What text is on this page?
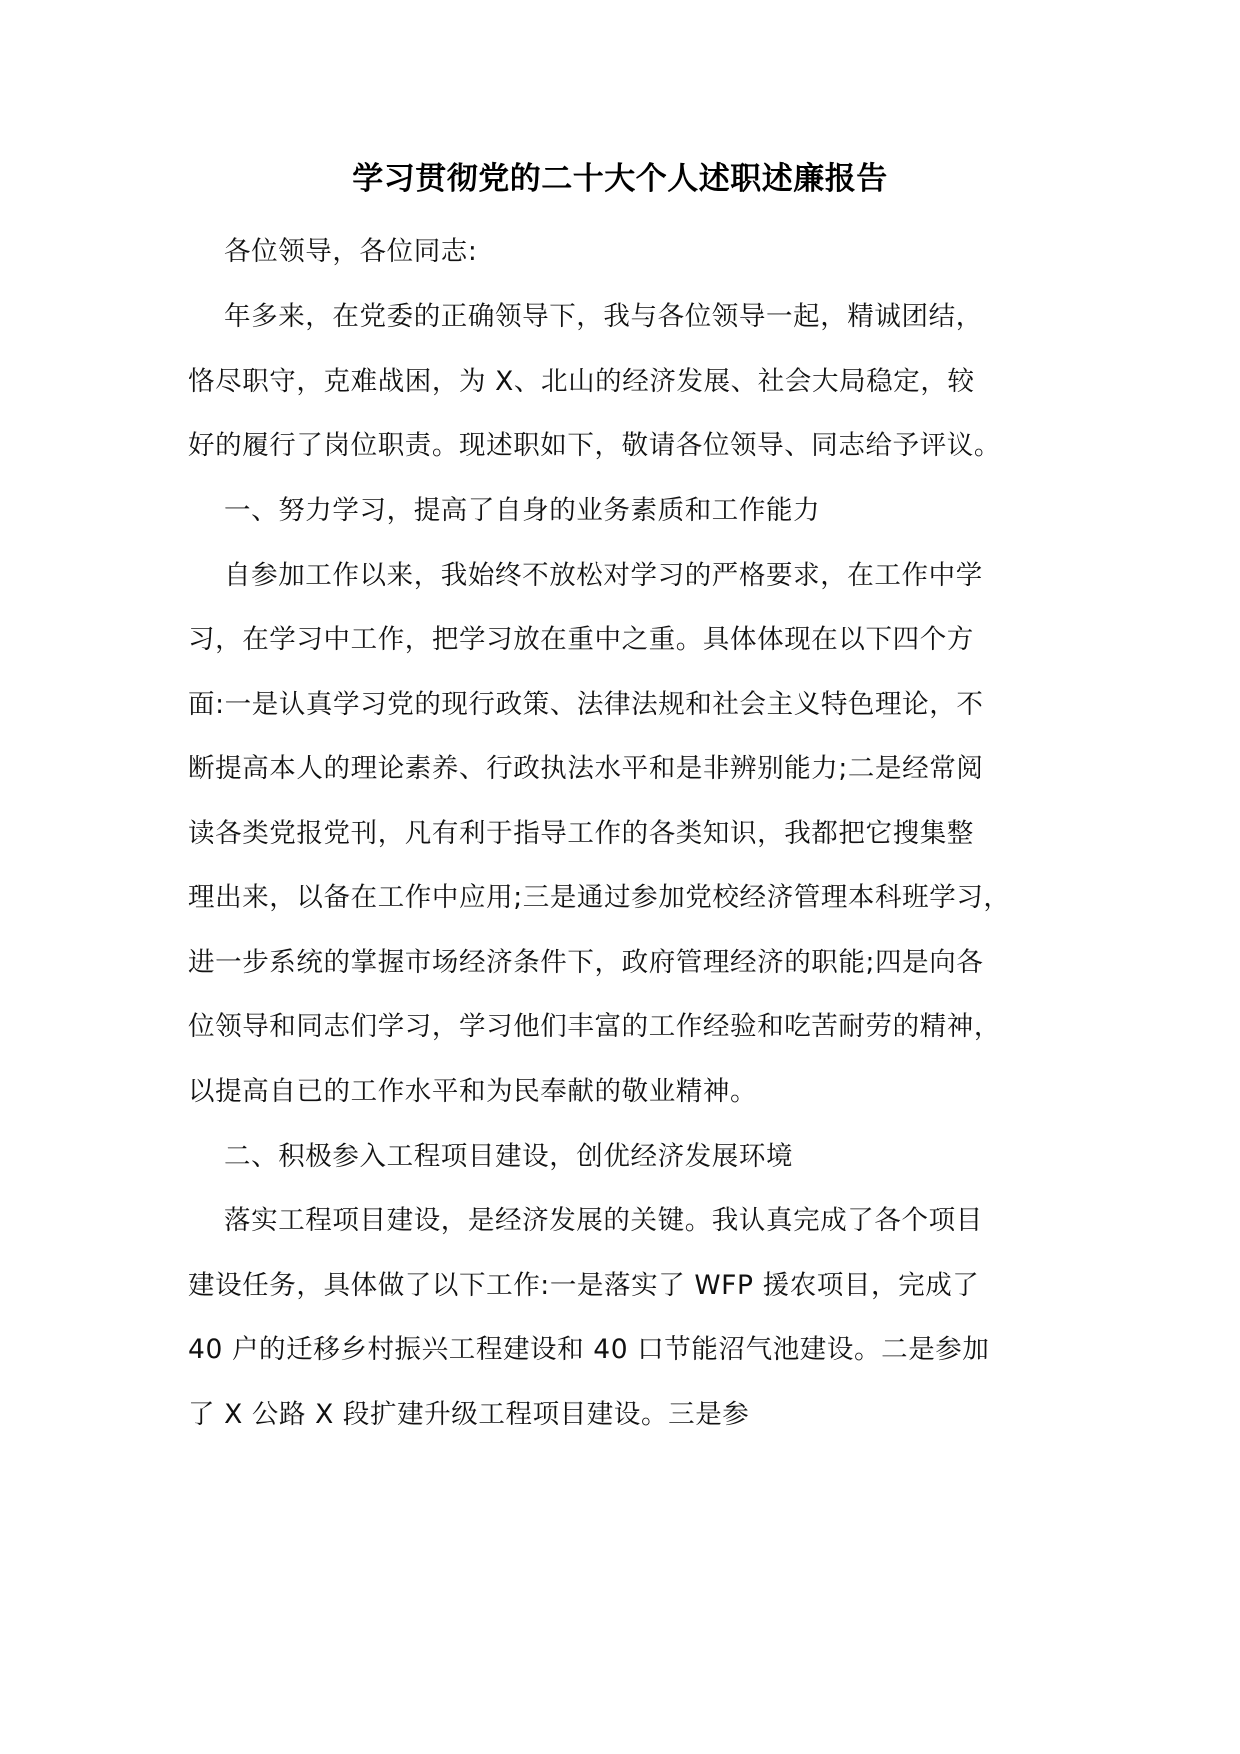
学习贯彻党的二十大个人述职述廉报告
各位领导，各位同志:
年多来，在党委的正确领导下，我与各位领导一起，精诚团结，
恪尽职守，克难战困，为 X、北山的经济发展、社会大局稳定，较
好的履行了岗位职责。现述职如下，敬请各位领导、同志给予评议。
一、努力学习，提高了自身的业务素质和工作能力
自参加工作以来，我始终不放松对学习的严格要求，在工作中学
习，在学习中工作，把学习放在重中之重。具体体现在以下四个方
面:一是认真学习党的现行政策、法律法规和社会主义特色理论，不
断提高本人的理论素养、行政执法水平和是非辨别能力;二是经常阅
读各类党报党刊，凡有利于指导工作的各类知识，我都把它搜集整
理出来，以备在工作中应用;三是通过参加党校经济管理本科班学习，
进一步系统的掌握市场经济条件下，政府管理经济的职能;四是向各
位领导和同志们学习，学习他们丰富的工作经验和吃苦耐劳的精神，
以提高自已的工作水平和为民奉献的敬业精神。
二、积极参入工程项目建设，创优经济发展环境
落实工程项目建设，是经济发展的关键。我认真完成了各个项目
建设任务，具体做了以下工作:一是落实了 WFP 援农项目，完成了
40 户的迁移乡村振兴工程建设和 40 口节能沼气池建设。二是参加
了 X 公路 X 段扩建升级工程项目建设。三是参
